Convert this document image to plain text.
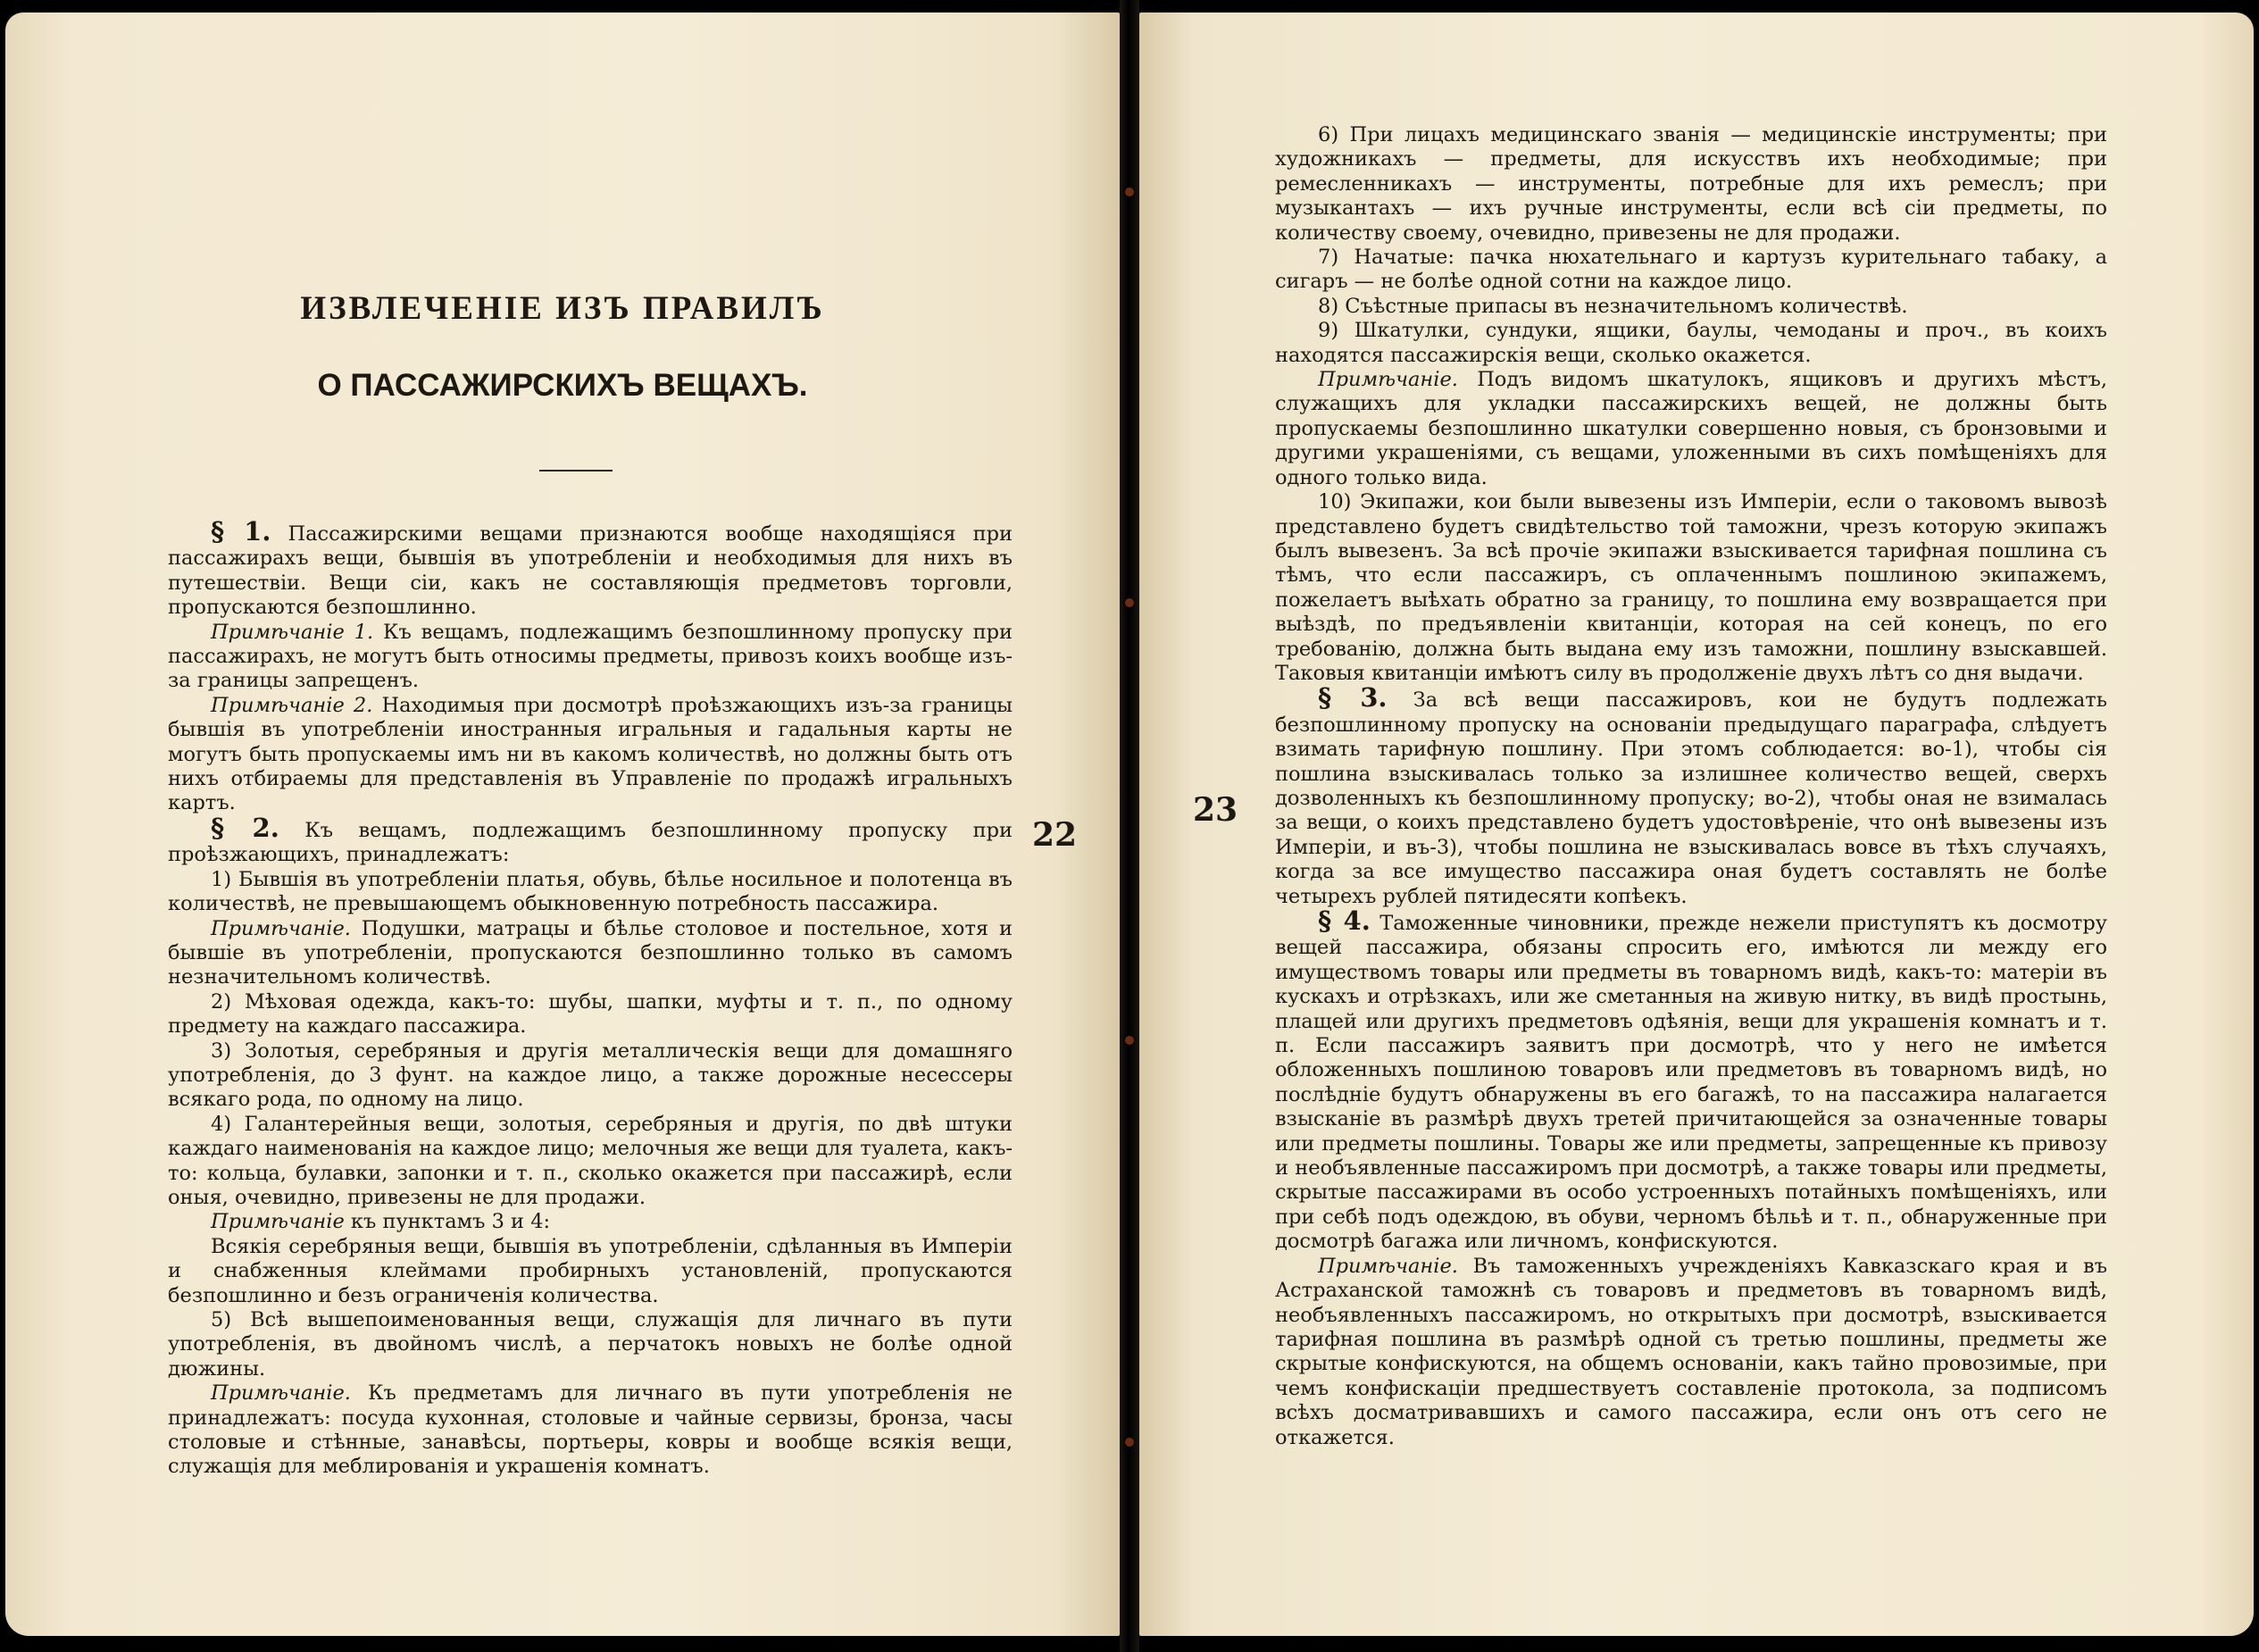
ИЗВЛЕЧЕНІЕ ИЗЪ ПРАВИЛЪ
О ПАССАЖИРСКИХЪ ВЕЩАХЪ.
22

§ 1. Пассажирскими вещами признаются вообще находящіяся при пассажирахъ вещи, бывшія въ употребленіи и необходимыя для нихъ въ путешествіи. Вещи сіи, какъ не составляющія предметовъ торговли, пропускаются безпошлинно.

Примѣчаніе 1. Къ вещамъ, подлежащимъ безпошлинному пропуску при пассажирахъ, не могутъ быть относимы предметы, привозъ коихъ вообще изъ-за границы запрещенъ.

Примѣчаніе 2. Находимыя при досмотрѣ проѣзжающихъ изъ-за границы бывшія въ употребленіи иностранныя игральныя и гадальныя карты не могутъ быть пропускаемы имъ ни въ какомъ количествѣ, но должны быть отъ нихъ отбираемы для представленія въ Управленіе по продажѣ игральныхъ картъ.

§ 2. Къ вещамъ, подлежащимъ безпошлинному пропуску при проѣзжающихъ, принадлежатъ:

1) Бывшія въ употребленіи платья, обувь, бѣлье носильное и полотенца въ количествѣ, не превышающемъ обыкновенную потребность пассажира.

Примѣчаніе. Подушки, матрацы и бѣлье столовое и постельное, хотя и бывшіе въ употребленіи, пропускаются безпошлинно только въ самомъ незначительномъ количествѣ.

2) Мѣховая одежда, какъ-то: шубы, шапки, муфты и т. п., по одному предмету на каждаго пассажира.

3) Золотыя, серебряныя и другія металлическія вещи для домашняго употребленія, до 3 фунт. на каждое лицо, а также дорожные несессеры всякаго рода, по одному на лицо.

4) Галантерейныя вещи, золотыя, серебряныя и другія, по двѣ штуки каждаго наименованія на каждое лицо; мелочныя же вещи для туалета, какъ-то: кольца, булавки, запонки и т. п., сколько окажется при пассажирѣ, если оныя, очевидно, привезены не для продажи.

Примѣчаніе къ пунктамъ 3 и 4:

Всякія серебряныя вещи, бывшія въ употребленіи, сдѣланныя въ Имперіи и снабженныя клеймами пробирныхъ установленій, пропускаются безпошлинно и безъ ограниченія количества.

5) Всѣ вышепоименованныя вещи, служащія для личнаго въ пути употребленія, въ двойномъ числѣ, а перчатокъ новыхъ не болѣе одной дюжины.

Примѣчаніе. Къ предметамъ для личнаго въ пути употребленія не принадлежатъ: посуда кухонная, столовые и чайные сервизы, бронза, часы столовые и стѣнные, занавѣсы, портьеры, ковры и вообще всякія вещи, служащія для меблированія и украшенія комнатъ.

23

6) При лицахъ медицинскаго званія — медицинскіе инструменты; при художникахъ — предметы, для искусствъ ихъ необходимые; при ремесленникахъ — инструменты, потребные для ихъ ремеслъ; при музыкантахъ — ихъ ручные инструменты, если всѣ сіи предметы, по количеству своему, очевидно, привезены не для продажи.

7) Начатые: пачка нюхательнаго и картузъ курительнаго табаку, а сигаръ — не болѣе одной сотни на каждое лицо.

8) Съѣстные припасы въ незначительномъ количествѣ.

9) Шкатулки, сундуки, ящики, баулы, чемоданы и проч., въ коихъ находятся пассажирскія вещи, сколько окажется.

Примѣчаніе. Подъ видомъ шкатулокъ, ящиковъ и другихъ мѣстъ, служащихъ для укладки пассажирскихъ вещей, не должны быть пропускаемы безпошлинно шкатулки совершенно новыя, съ бронзовыми и другими украшеніями, съ вещами, уложенными въ сихъ помѣщеніяхъ для одного только вида.

10) Экипажи, кои были вывезены изъ Имперіи, если о таковомъ вывозѣ представлено будетъ свидѣтельство той таможни, чрезъ которую экипажъ былъ вывезенъ. За всѣ прочіе экипажи взыскивается тарифная пошлина съ тѣмъ, что если пассажиръ, съ оплаченнымъ пошлиною экипажемъ, пожелаетъ выѣхать обратно за границу, то пошлина ему возвращается при выѣздѣ, по предъявленіи квитанціи, которая на сей конецъ, по его требованію, должна быть выдана ему изъ таможни, пошлину взыскавшей. Таковыя квитанціи имѣютъ силу въ продолженіе двухъ лѣтъ со дня выдачи.

§ 3. За всѣ вещи пассажировъ, кои не будутъ подлежать безпошлинному пропуску на основаніи предыдущаго параграфа, слѣдуетъ взимать тарифную пошлину. При этомъ соблюдается: во-1), чтобы сія пошлина взыскивалась только за излишнее количество вещей, сверхъ дозволенныхъ къ безпошлинному пропуску; во-2), чтобы оная не взималась за вещи, о коихъ представлено будетъ удостовѣреніе, что онѣ вывезены изъ Имперіи, и въ-3), чтобы пошлина не взыскивалась вовсе въ тѣхъ случаяхъ, когда за все имущество пассажира оная будетъ составлять не болѣе четырехъ рублей пятидесяти копѣекъ.

§ 4. Таможенные чиновники, прежде нежели приступятъ къ досмотру вещей пассажира, обязаны спросить его, имѣются ли между его имуществомъ товары или предметы въ товарномъ видѣ, какъ-то: матеріи въ кускахъ и отрѣзкахъ, или же сметанныя на живую нитку, въ видѣ простынь, плащей или другихъ предметовъ одѣянія, вещи для украшенія комнатъ и т. п. Если пассажиръ заявитъ при досмотрѣ, что у него не имѣется обложенныхъ пошлиною товаровъ или предметовъ въ товарномъ видѣ, но послѣдніе будутъ обнаружены въ его багажѣ, то на пассажира налагается взысканіе въ размѣрѣ двухъ третей причитающейся за означенные товары или предметы пошлины. Товары же или предметы, запрещенные къ привозу и необъявленные пассажиромъ при досмотрѣ, а также товары или предметы, скрытые пассажирами въ особо устроенныхъ потайныхъ помѣщеніяхъ, или при себѣ подъ одеждою, въ обуви, черномъ бѣльѣ и т. п., обнаруженные при досмотрѣ багажа или личномъ, конфискуются.

Примѣчаніе. Въ таможенныхъ учрежденіяхъ Кавказскаго края и въ Астраханской таможнѣ съ товаровъ и предметовъ въ товарномъ видѣ, необъявленныхъ пассажиромъ, но открытыхъ при досмотрѣ, взыскивается тарифная пошлина въ размѣрѣ одной съ третью пошлины, предметы же скрытые конфискуются, на общемъ основаніи, какъ тайно провозимые, при чемъ конфискаціи предшествуетъ составленіе протокола, за подписомъ всѣхъ досматривавшихъ и самого пассажира, если онъ отъ сего не откажется.
